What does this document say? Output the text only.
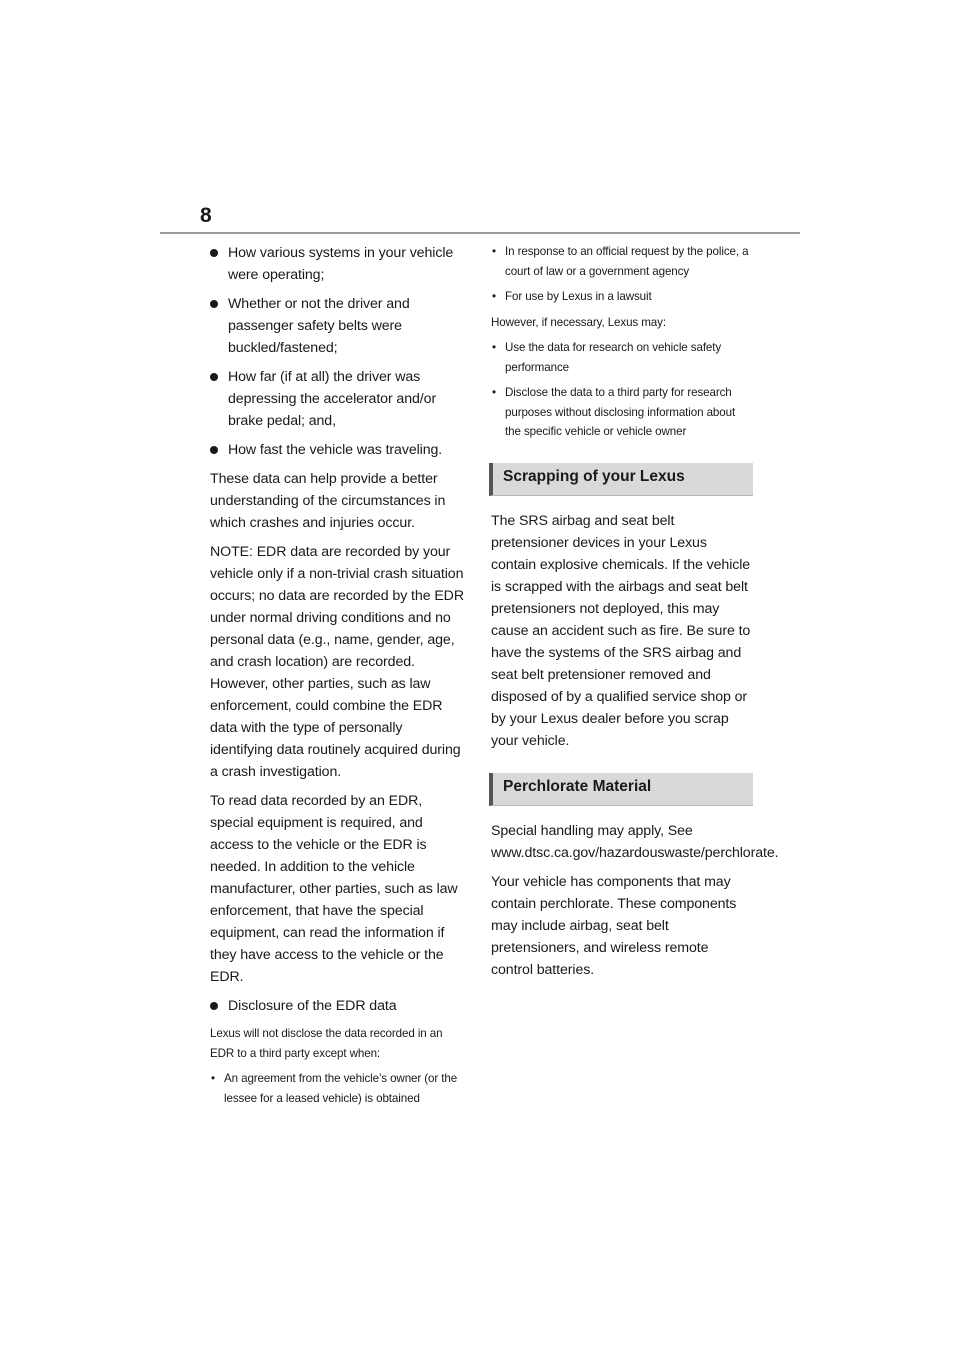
8
How various systems in your vehicle were operating;
Whether or not the driver and passenger safety belts were buckled/fastened;
How far (if at all) the driver was depressing the accelerator and/or brake pedal; and,
How fast the vehicle was traveling.

These data can help provide a better understanding of the circumstances in which crashes and injuries occur.

NOTE: EDR data are recorded by your vehicle only if a non-trivial crash situation occurs; no data are recorded by the EDR under normal driving conditions and no personal data (e.g., name, gender, age, and crash location) are recorded. However, other parties, such as law enforcement, could combine the EDR data with the type of personally identifying data routinely acquired during a crash investigation.

To read data recorded by an EDR, special equipment is required, and access to the vehicle or the EDR is needed. In addition to the vehicle manufacturer, other parties, such as law enforcement, that have the special equipment, can read the information if they have access to the vehicle or the EDR.

Disclosure of the EDR data

Lexus will not disclose the data recorded in an EDR to a third party except when:

• An agreement from the vehicle’s owner (or the lessee for a leased vehicle) is obtained
• In response to an official request by the police, a court of law or a government agency
• For use by Lexus in a lawsuit

However, if necessary, Lexus may:

• Use the data for research on vehicle safety performance
• Disclose the data to a third party for research purposes without disclosing information about the specific vehicle or vehicle owner
Scrapping of your Lexus

The SRS airbag and seat belt pretensioner devices in your Lexus contain explosive chemicals. If the vehicle is scrapped with the airbags and seat belt pretensioners not deployed, this may cause an accident such as fire. Be sure to have the systems of the SRS airbag and seat belt pretensioner removed and disposed of by a qualified service shop or by your Lexus dealer before you scrap your vehicle.

Perchlorate Material

Special handling may apply, See www.dtsc.ca.gov/hazardouswaste/perchlorate.

Your vehicle has components that may contain perchlorate. These components may include airbag, seat belt pretensioners, and wireless remote control batteries.
